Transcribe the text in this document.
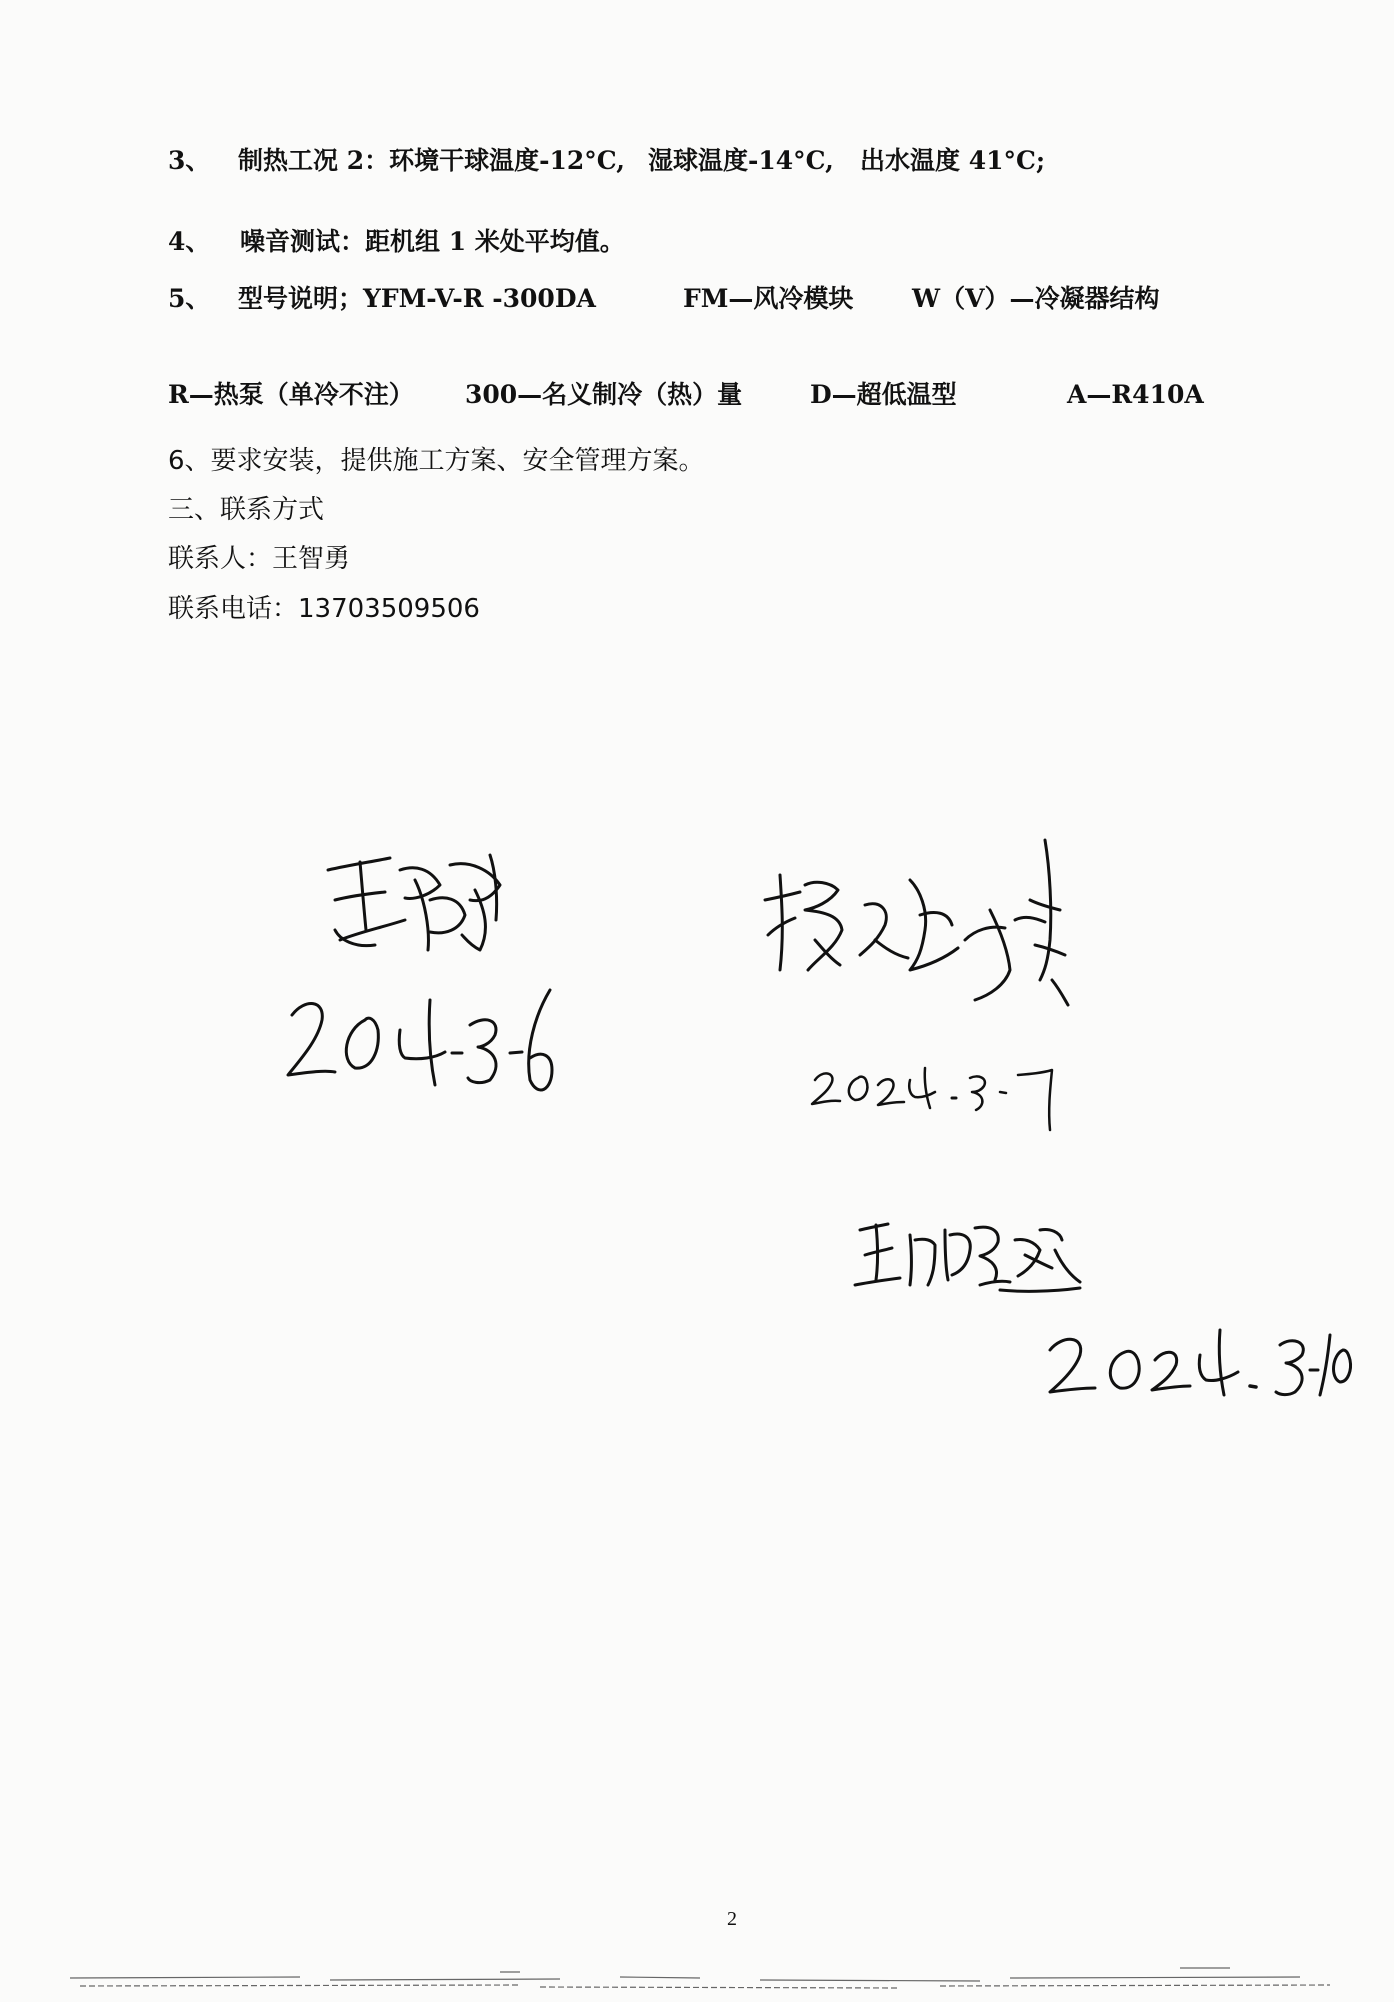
3、 制热工况 2：环境干球温度-12°C, 湿球温度-14°C, 出水温度 41°C;
4、 噪音测试：距机组 1 米处平均值。
5、 型号说明；YFM-V-R -300DA	FM—风冷模块 W（V）—冷凝器结构
R—热泵（单冷不注） 300—名义制冷（热）量	D—超低温型	A—R410A
6、要求安装，提供施工方案、安全管理方案。
三、联系方式
联系人：王智勇
联系电话：13703509506
2
